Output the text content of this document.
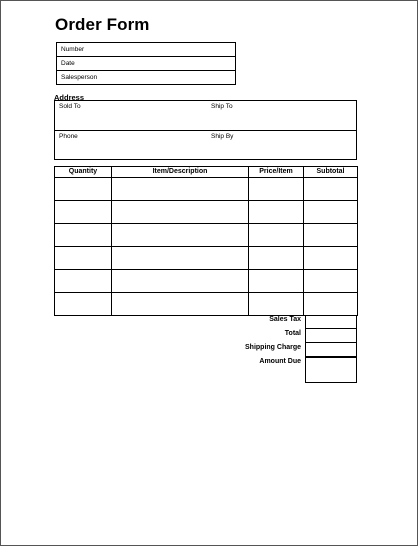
Order Form
Number
Date
Salesperson
Address
Sold To	Ship To
Phone	Ship By
Quantity	Item/Description	Price/Item	Subtotal

Sales Tax
Total
Shipping Charge
Amount Due
